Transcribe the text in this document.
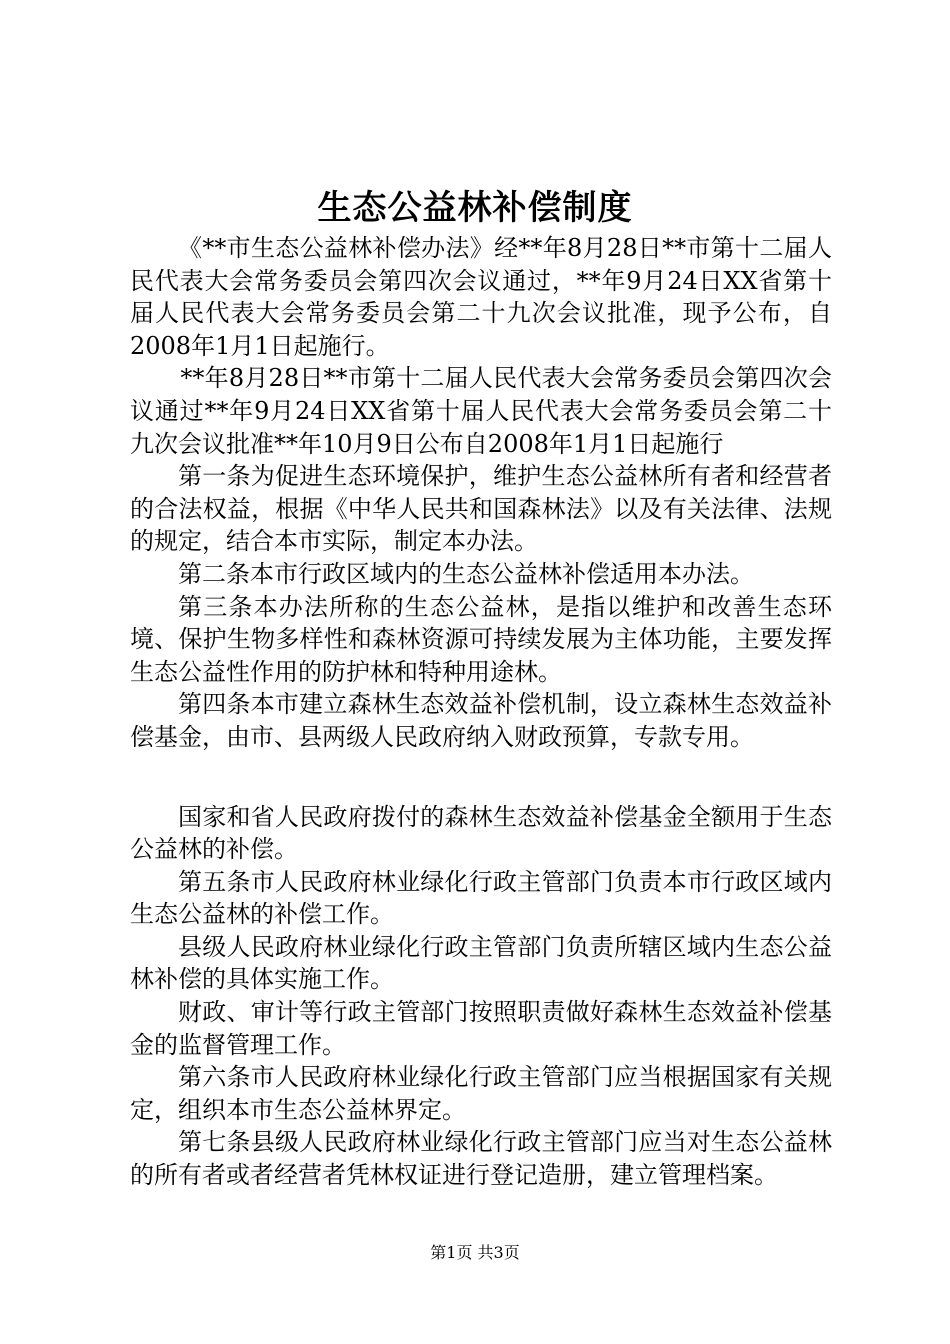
生态公益林补偿制度

《**市生态公益林补偿办法》经**年8月28日**市第十二届人民代表大会常务委员会第四次会议通过，**年9月24日XX省第十届人民代表大会常务委员会第二十九次会议批准，现予公布，自2008年1月1日起施行。

**年8月28日**市第十二届人民代表大会常务委员会第四次会议通过**年9月24日XX省第十届人民代表大会常务委员会第二十九次会议批准**年10月9日公布自2008年1月1日起施行

第一条为促进生态环境保护，维护生态公益林所有者和经营者的合法权益，根据《中华人民共和国森林法》以及有关法律、法规的规定，结合本市实际，制定本办法。

第二条本市行政区域内的生态公益林补偿适用本办法。

第三条本办法所称的生态公益林，是指以维护和改善生态环境、保护生物多样性和森林资源可持续发展为主体功能，主要发挥生态公益性作用的防护林和特种用途林。

第四条本市建立森林生态效益补偿机制，设立森林生态效益补偿基金，由市、县两级人民政府纳入财政预算，专款专用。

国家和省人民政府拨付的森林生态效益补偿基金全额用于生态公益林的补偿。

第五条市人民政府林业绿化行政主管部门负责本市行政区域内生态公益林的补偿工作。

县级人民政府林业绿化行政主管部门负责所辖区域内生态公益林补偿的具体实施工作。

财政、审计等行政主管部门按照职责做好森林生态效益补偿基金的监督管理工作。

第六条市人民政府林业绿化行政主管部门应当根据国家有关规定，组织本市生态公益林界定。

第七条县级人民政府林业绿化行政主管部门应当对生态公益林的所有者或者经营者凭林权证进行登记造册，建立管理档案。

第1页 共3页
